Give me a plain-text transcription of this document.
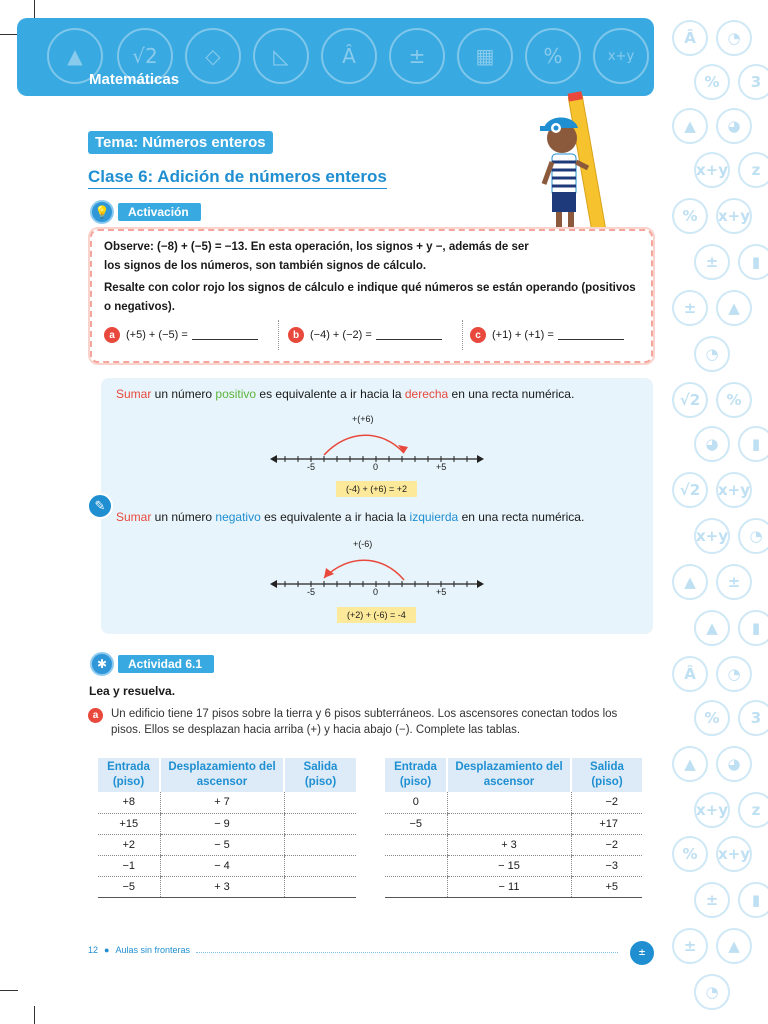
Â	◔
%	3
▲	◕
x+y	z
%	x+y
±	▮
±	▲
◔
√2	%
◕	▮
√2	x+y
x+y	◔
▲	±
▲	▮
Â	◔
%	3
▲	◕
x+y	z
%	x+y
±	▮
±	▲
◔
▲	√2	◇	◺	Â	±	▦	%	x+y
Matemáticas
Tema: Números enteros
Clase 6: Adición de números enteros
💡	Activación
Observe: (−8) + (−5) = −13. En esta operación, los signos + y −, además de ser
los signos de los números, son también signos de cálculo.
Resalte con color rojo los signos de cálculo e indique qué números se están operando (positivos
o negativos).
a	(+5) + (−5) =	b (−4) + (−2) =	c	(+1) + (+1) =
✎
Sumar un número positivo es equivalente a ir hacia la derecha en una recta numérica.
+(+6)
-5	0	+5
(-4) + (+6) = +2
Sumar un número negativo es equivalente a ir hacia la izquierda en una recta numérica.
+(-6)
-5	0	+5
(+2) + (-6) = -4
✱	Actividad 6.1
Lea y resuelva.
a	Un edificio tiene 17 pisos sobre la tierra y 6 pisos subterráneos. Los ascensores conectan todos los pisos. Ellos se desplazan hacia arriba (+) y hacia abajo (−). Complete las tablas.
Entrada
(piso)	Desplazamiento del
ascensor	Salida
(piso)
+8	+ 7	
+15	− 9	
+2	− 5	
−1	− 4	
−5	+ 3	
Entrada
(piso)	Desplazamiento del
ascensor	Salida
(piso)
0		−2
−5		+17
	+ 3	−2
	− 15	−3
	− 11	+5
12 ● Aulas sin fronteras	±
